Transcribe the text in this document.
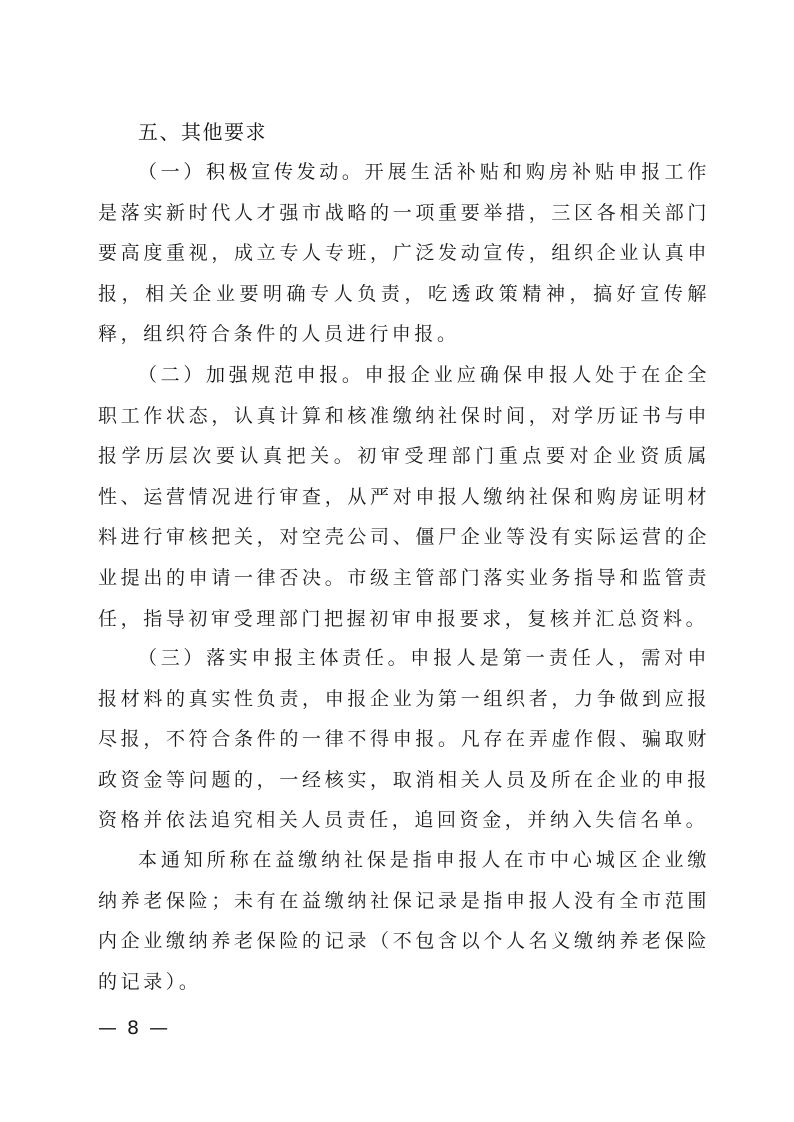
五、其他要求

（一）积极宣传发动。开展生活补贴和购房补贴申报工作是落实新时代人才强市战略的一项重要举措，三区各相关部门要高度重视，成立专人专班，广泛发动宣传，组织企业认真申报，相关企业要明确专人负责，吃透政策精神，搞好宣传解释，组织符合条件的人员进行申报。

（二）加强规范申报。申报企业应确保申报人处于在企全职工作状态，认真计算和核准缴纳社保时间，对学历证书与申报学历层次要认真把关。初审受理部门重点要对企业资质属性、运营情况进行审查，从严对申报人缴纳社保和购房证明材料进行审核把关，对空壳公司、僵尸企业等没有实际运营的企业提出的申请一律否决。市级主管部门落实业务指导和监管责任，指导初审受理部门把握初审申报要求，复核并汇总资料。

（三）落实申报主体责任。申报人是第一责任人，需对申报材料的真实性负责，申报企业为第一组织者，力争做到应报尽报，不符合条件的一律不得申报。凡存在弄虚作假、骗取财政资金等问题的，一经核实，取消相关人员及所在企业的申报资格并依法追究相关人员责任，追回资金，并纳入失信名单。

本通知所称在益缴纳社保是指申报人在市中心城区企业缴纳养老保险；未有在益缴纳社保记录是指申报人没有全市范围内企业缴纳养老保险的记录（不包含以个人名义缴纳养老保险的记录）。

— 8 —
